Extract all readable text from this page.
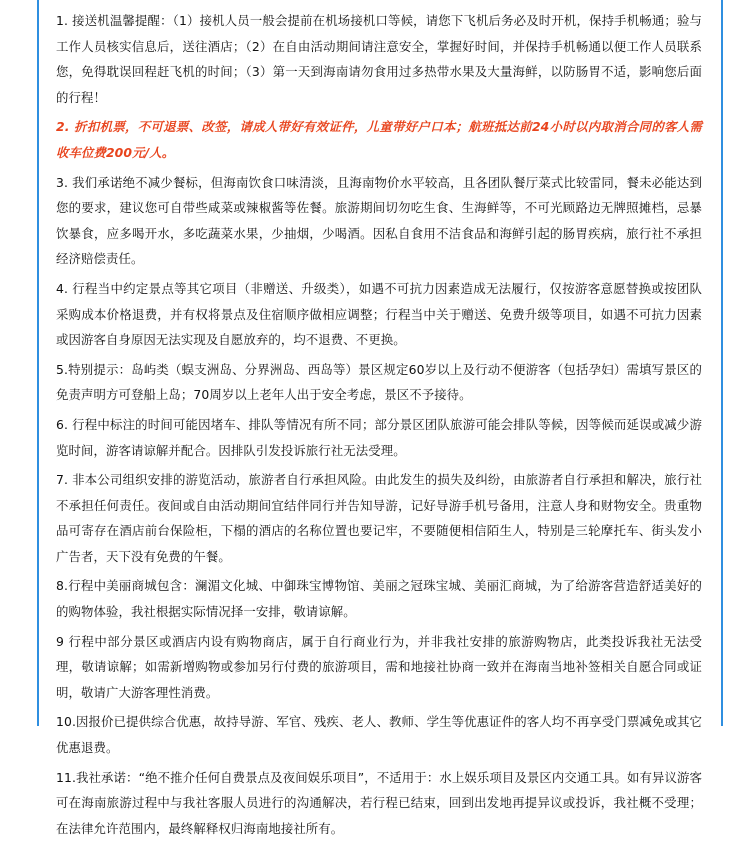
1. 接送机温馨提醒：（1）接机人员一般会提前在机场接机口等候，请您下飞机后务必及时开机，保持手机畅通；验与工作人员核实信息后，送往酒店；（2）在自由活动期间请注意安全，掌握好时间，并保持手机畅通以便工作人员联系您，免得耽误回程赶飞机的时间；（3）第一天到海南请勿食用过多热带水果及大量海鲜，以防肠胃不适，影响您后面的行程！

2. 折扣机票，不可退票、改签，请成人带好有效证件，儿童带好户口本；航班抵达前24小时以内取消合同的客人需收车位费200元/人。

3. 我们承诺绝不减少餐标，但海南饮食口味清淡，且海南物价水平较高，且各团队餐厅菜式比较雷同，餐未必能达到您的要求，建议您可自带些咸菜或辣椒酱等佐餐。旅游期间切勿吃生食、生海鲜等，不可光顾路边无牌照摊档，忌暴饮暴食，应多喝开水，多吃蔬菜水果，少抽烟，少喝酒。因私自食用不洁食品和海鲜引起的肠胃疾病，旅行社不承担经济赔偿责任。

4. 行程当中约定景点等其它项目（非赠送、升级类），如遇不可抗力因素造成无法履行，仅按游客意愿替换或按团队采购成本价格退费，并有权将景点及住宿顺序做相应调整；行程当中关于赠送、免费升级等项目，如遇不可抗力因素或因游客自身原因无法实现及自愿放弃的，均不退费、不更换。

5.特别提示：岛屿类（蜈支洲岛、分界洲岛、西岛等）景区规定60岁以上及行动不便游客（包括孕妇）需填写景区的免责声明方可登船上岛；70周岁以上老年人出于安全考虑，景区不予接待。

6. 行程中标注的时间可能因堵车、排队等情况有所不同；部分景区团队旅游可能会排队等候，因等候而延误或减少游览时间，游客请谅解并配合。因排队引发投诉旅行社无法受理。

7. 非本公司组织安排的游览活动，旅游者自行承担风险。由此发生的损失及纠纷，由旅游者自行承担和解决，旅行社不承担任何责任。夜间或自由活动期间宜结伴同行并告知导游，记好导游手机号备用，注意人身和财物安全。贵重物品可寄存在酒店前台保险柜，下榻的酒店的名称位置也要记牢，不要随便相信陌生人，特别是三轮摩托车、街头发小广告者，天下没有免费的午餐。

8.行程中美丽商城包含：澜湄文化城、中御珠宝博物馆、美丽之冠珠宝城、美丽汇商城，为了给游客营造舒适美好的的购物体验，我社根据实际情况择一安排，敬请谅解。

9 行程中部分景区或酒店内设有购物商店，属于自行商业行为，并非我社安排的旅游购物店，此类投诉我社无法受理，敬请谅解；如需新增购物或参加另行付费的旅游项目，需和地接社协商一致并在海南当地补签相关自愿合同或证明，敬请广大游客理性消费。

10.因报价已提供综合优惠，故持导游、军官、残疾、老人、教师、学生等优惠证件的客人均不再享受门票减免或其它优惠退费。

11.我社承诺：“绝不推介任何自费景点及夜间娱乐项目”，不适用于：水上娱乐项目及景区内交通工具。如有异议游客可在海南旅游过程中与我社客服人员进行的沟通解决，若行程已结束，回到出发地再提异议或投诉，我社概不受理；在法律允许范围内，最终解释权归海南地接社所有。
